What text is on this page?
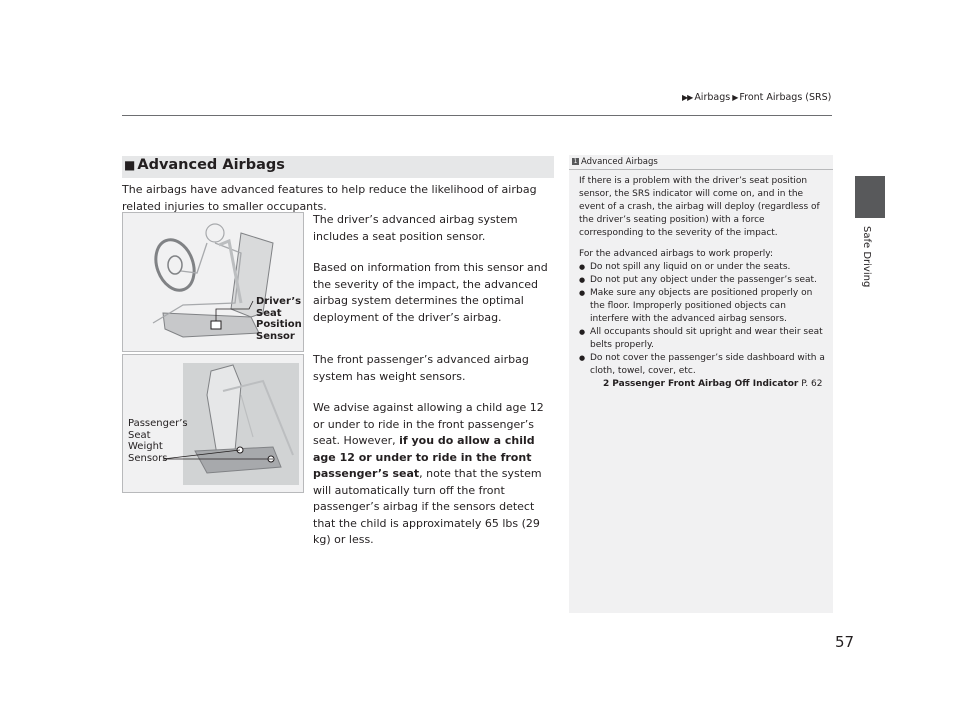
▶▶ Airbags ▶ Front Airbags (SRS)
Safe Driving
■ Advanced Airbags
The airbags have advanced features to help reduce the likelihood of airbag related injuries to smaller occupants.
Driver’s
Seat
Position
Sensor
Passenger’s
Seat
Weight
Sensors
The driver’s advanced airbag system includes a seat position sensor.
Based on information from this sensor and the severity of the impact, the advanced airbag system determines the optimal deployment of the driver’s airbag.
The front passenger’s advanced airbag system has weight sensors.
We advise against allowing a child age 12 or under to ride in the front passenger’s seat. However, if you do allow a child age 12 or under to ride in the front passenger’s seat, note that the system will automatically turn off the front passenger’s airbag if the sensors detect that the child is approximately 65 lbs (29 kg) or less.
1 Advanced Airbags

If there is a problem with the driver’s seat position sensor, the SRS indicator will come on, and in the event of a crash, the airbag will deploy (regardless of the driver’s seating position) with a force corresponding to the severity of the impact.

For the advanced airbags to work properly:
● Do not spill any liquid on or under the seats.
● Do not put any object under the passenger’s seat.
● Make sure any objects are positioned properly on the floor. Improperly positioned objects can interfere with the advanced airbag sensors.
● All occupants should sit upright and wear their seat belts properly.
● Do not cover the passenger’s side dashboard with a cloth, towel, cover, etc.
2 Passenger Front Airbag Off Indicator P. 62
57
